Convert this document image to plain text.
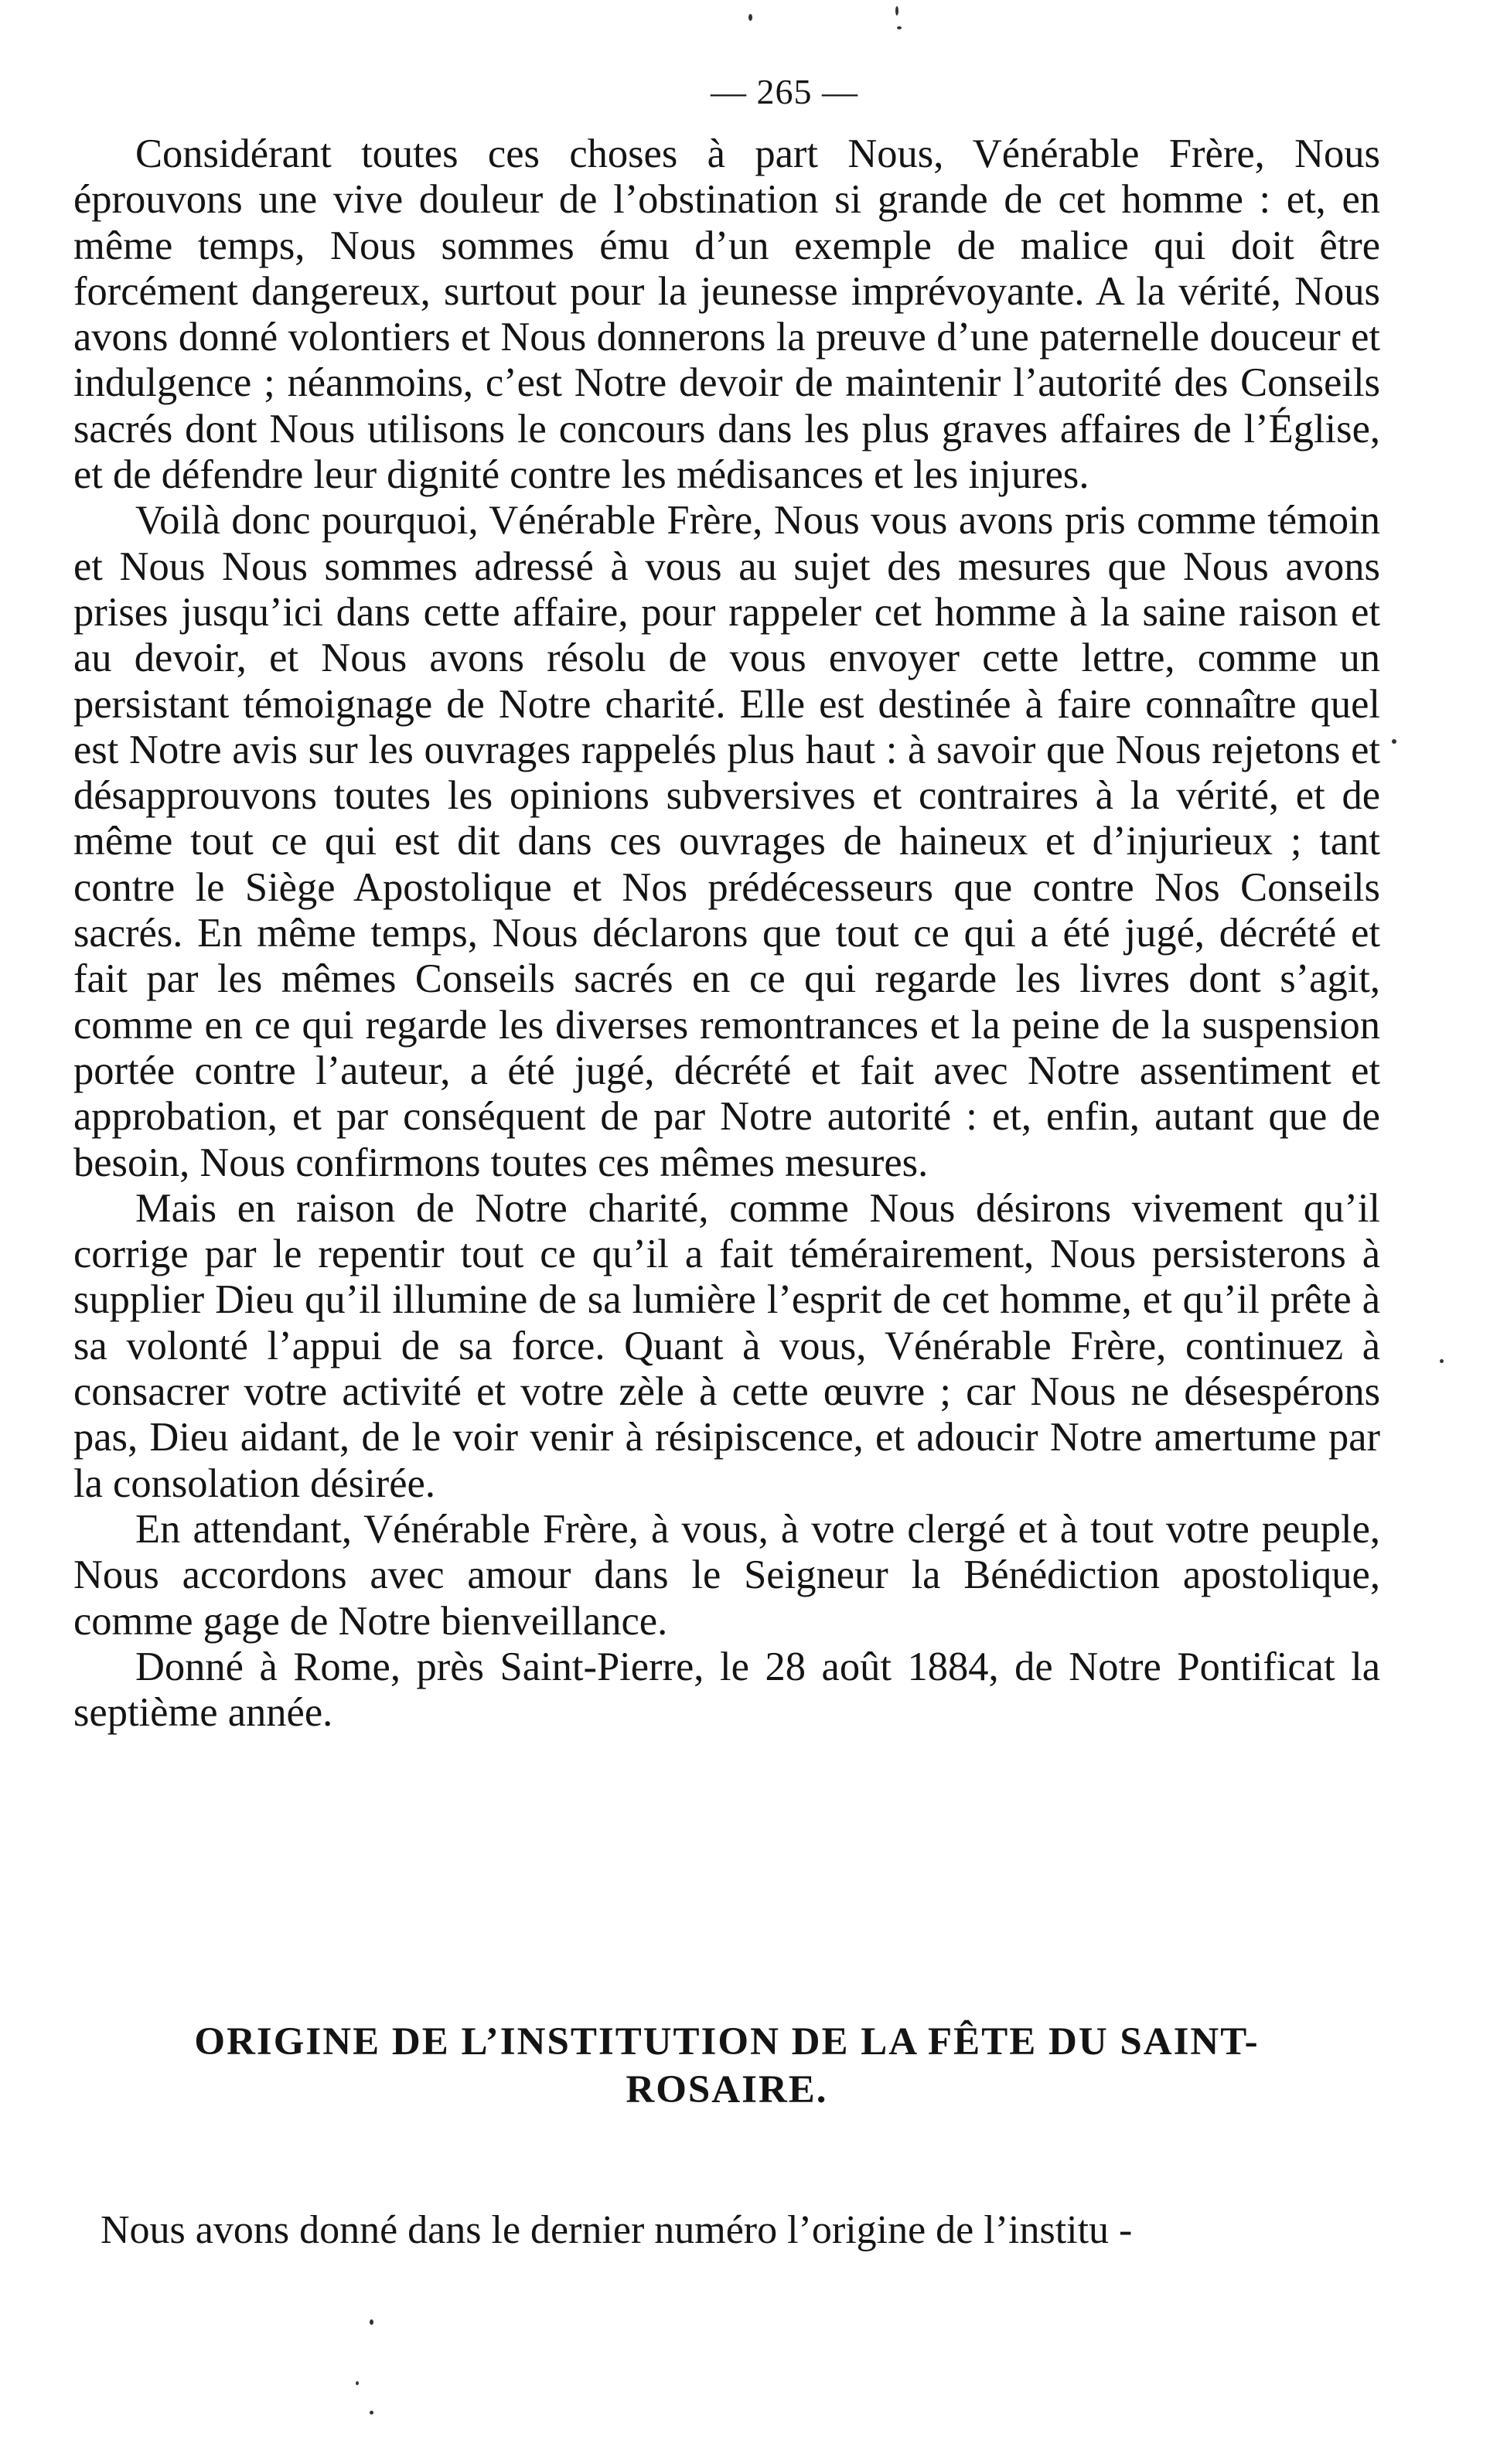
— 265 —

Considérant toutes ces choses à part Nous, Vénérable Frère, Nous éprouvons une vive douleur de l’obstination si grande de cet homme : et, en même temps, Nous sommes ému d’un exemple de malice qui doit être forcément dangereux, surtout pour la jeunesse imprévoyante. A la vérité, Nous avons donné volontiers et Nous donnerons la preuve d’une paternelle douceur et indulgence ; néanmoins, c’est Notre devoir de maintenir l’autorité des Conseils sacrés dont Nous utilisons le concours dans les plus graves affaires de l’Église, et de défendre leur dignité contre les médisances et les injures.

Voilà donc pourquoi, Vénérable Frère, Nous vous avons pris comme témoin et Nous Nous sommes adressé à vous au sujet des mesures que Nous avons prises jusqu’ici dans cette affaire, pour rappeler cet homme à la saine raison et au devoir, et Nous avons résolu de vous envoyer cette lettre, comme un persistant témoignage de Notre charité. Elle est destinée à faire connaître quel est Notre avis sur les ouvrages rappelés plus haut : à savoir que Nous rejetons et désapprouvons toutes les opinions subversives et contraires à la vérité, et de même tout ce qui est dit dans ces ouvrages de haineux et d’injurieux ; tant contre le Siège Apostolique et Nos prédécesseurs que contre Nos Conseils sacrés. En même temps, Nous déclarons que tout ce qui a été jugé, décrété et fait par les mêmes Conseils sacrés en ce qui regarde les livres dont s’agit, comme en ce qui regarde les diverses remontrances et la peine de la suspension portée contre l’auteur, a été jugé, décrété et fait avec Notre assentiment et approbation, et par conséquent de par Notre autorité : et, enfin, autant que de besoin, Nous confirmons toutes ces mêmes mesures.

Mais en raison de Notre charité, comme Nous désirons vivement qu’il corrige par le repentir tout ce qu’il a fait témérairement, Nous persisterons à supplier Dieu qu’il illumine de sa lumière l’esprit de cet homme, et qu’il prête à sa volonté l’appui de sa force. Quant à vous, Vénérable Frère, continuez à consacrer votre activité et votre zèle à cette œuvre ; car Nous ne désespérons pas, Dieu aidant, de le voir venir à résipiscence, et adoucir Notre amertume par la consolation désirée.

En attendant, Vénérable Frère, à vous, à votre clergé et à tout votre peuple, Nous accordons avec amour dans le Seigneur la Bénédiction apostolique, comme gage de Notre bienveillance.

Donné à Rome, près Saint-Pierre, le 28 août 1884, de Notre Pontificat la septième année.

ORIGINE DE L’INSTITUTION DE LA FÊTE DU SAINT-ROSAIRE.
Nous avons donné dans le dernier numéro l’origine de l’institu -
